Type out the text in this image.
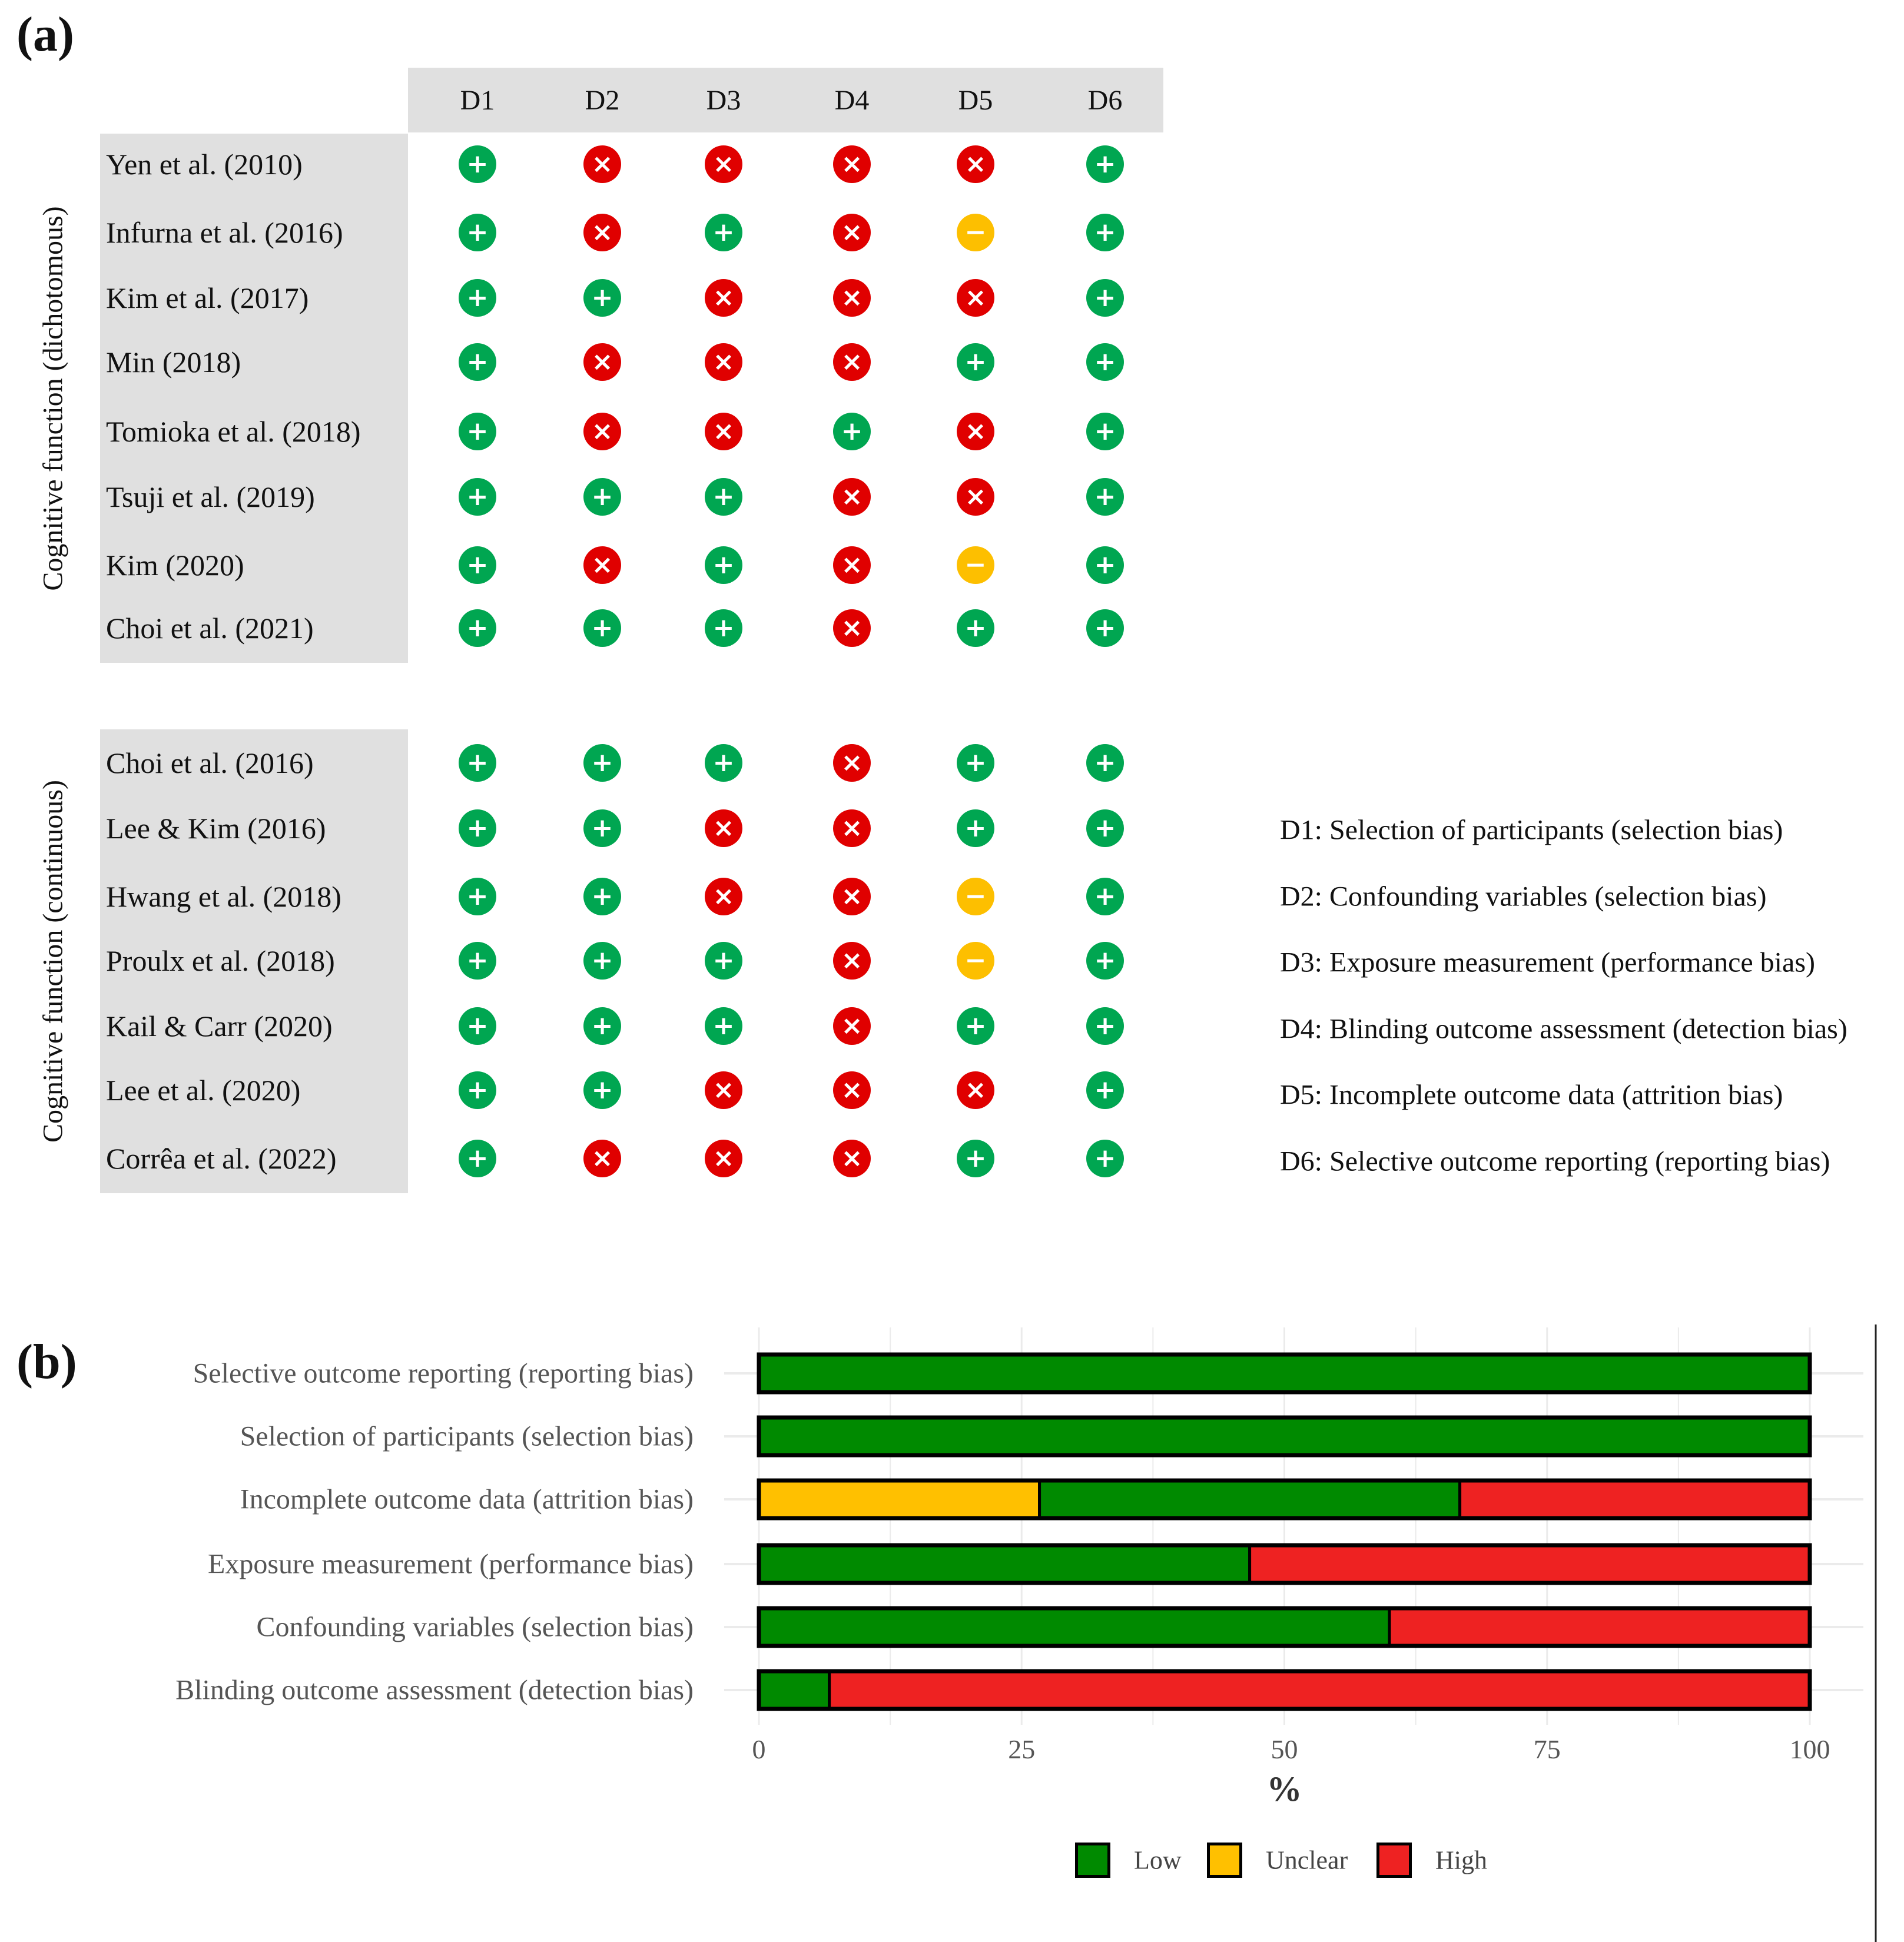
(a)
(b)
D1	D2	D3	D4	D5	D6
Cognitive function (dichotomous)
Yen et al. (2010)	+	×	×	×	×	+
Infurna et al. (2016)	+	×	+	×	−	+
Kim et al. (2017)	+	+	×	×	×	+
Min (2018)	+	×	×	×	+	+
Tomioka et al. (2018)	+	×	×	+	×	+
Tsuji et al. (2019)	+	+	+	×	×	+
Kim (2020)	+	×	+	×	−	+
Choi et al. (2021)	+	+	+	×	+	+
Cognitive function (continuous)
Choi et al. (2016)	+	+	+	×	+	+
Lee & Kim (2016)	+	+	×	×	+	+
Hwang et al. (2018)	+	+	×	×	−	+
Proulx et al. (2018)	+	+	+	×	−	+
Kail & Carr (2020)	+	+	+	×	+	+
Lee et al. (2020)	+	+	×	×	×	+
Corrêa et al. (2022)	+	×	×	×	+	+
D1: Selection of participants (selection bias)
D2: Confounding variables (selection bias)
D3: Exposure measurement (performance bias)
D4: Blinding outcome assessment (detection bias)
D5: Incomplete outcome data (attrition bias)
D6: Selective outcome reporting (reporting bias)
Selective outcome reporting (reporting bias)
Selection of participants (selection bias)
Incomplete outcome data (attrition bias)
Exposure measurement (performance bias)
Confounding variables (selection bias)
Blinding outcome assessment (detection bias)
0	25	50	75	100
%
Low	Unclear	High
